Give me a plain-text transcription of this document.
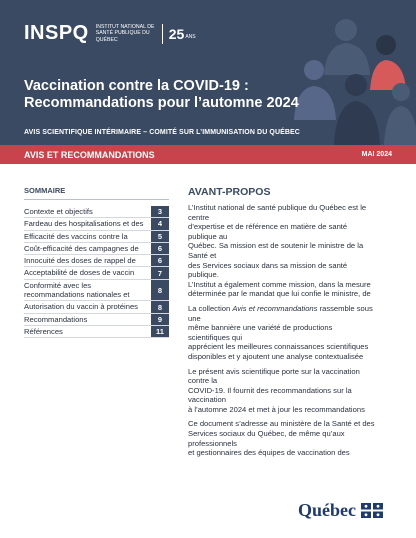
INSPQ INSTITUT NATIONAL DE SANTÉ PUBLIQUE DU QUÉBEC	25 ANS
Vaccination contre la COVID-19 :
Recommandations pour l’automne 2024
AVIS SCIENTIFIQUE INTÉRIMAIRE – COMITÉ SUR L’IMMUNISATION DU QUÉBEC
AVIS ET RECOMMANDATIONS	MAI 2024
SOMMAIRE
Contexte et objectifs	3
Fardeau des hospitalisations et des	4
Efficacité des vaccins contre la	5
Coût-efficacité des campagnes de	6
Innocuité des doses de rappel de	6
Acceptabilité de doses de vaccin	7
Conformité avec les recommandations nationales et	8
Autorisation du vaccin à protéines	8
Recommandations	9
Références	11
AVANT-PROPOS
L’Institut national de santé publique du Québec est le
centre
d’expertise et de référence en matière de santé
publique au
Québec. Sa mission est de soutenir le ministre de la
Santé et
des Services sociaux dans sa mission de santé
publique.
L’Institut a également comme mission, dans la mesure
déterminée par le mandat que lui confie le ministre, de
La collection Avis et recommandations rassemble sous
une
même bannière une variété de productions
scientifiques qui
apprécient les meilleures connaissances scientifiques
disponibles et y ajoutent une analyse contextualisée
Le présent avis scientifique porte sur la vaccination
contre la
COVID-19. Il fournit des recommandations sur la
vaccination
à l’automne 2024 et met à jour les recommandations
Ce document s’adresse au ministère de la Santé et des
Services sociaux du Québec, de même qu’aux
professionnels
et gestionnaires des équipes de vaccination des
Québec
